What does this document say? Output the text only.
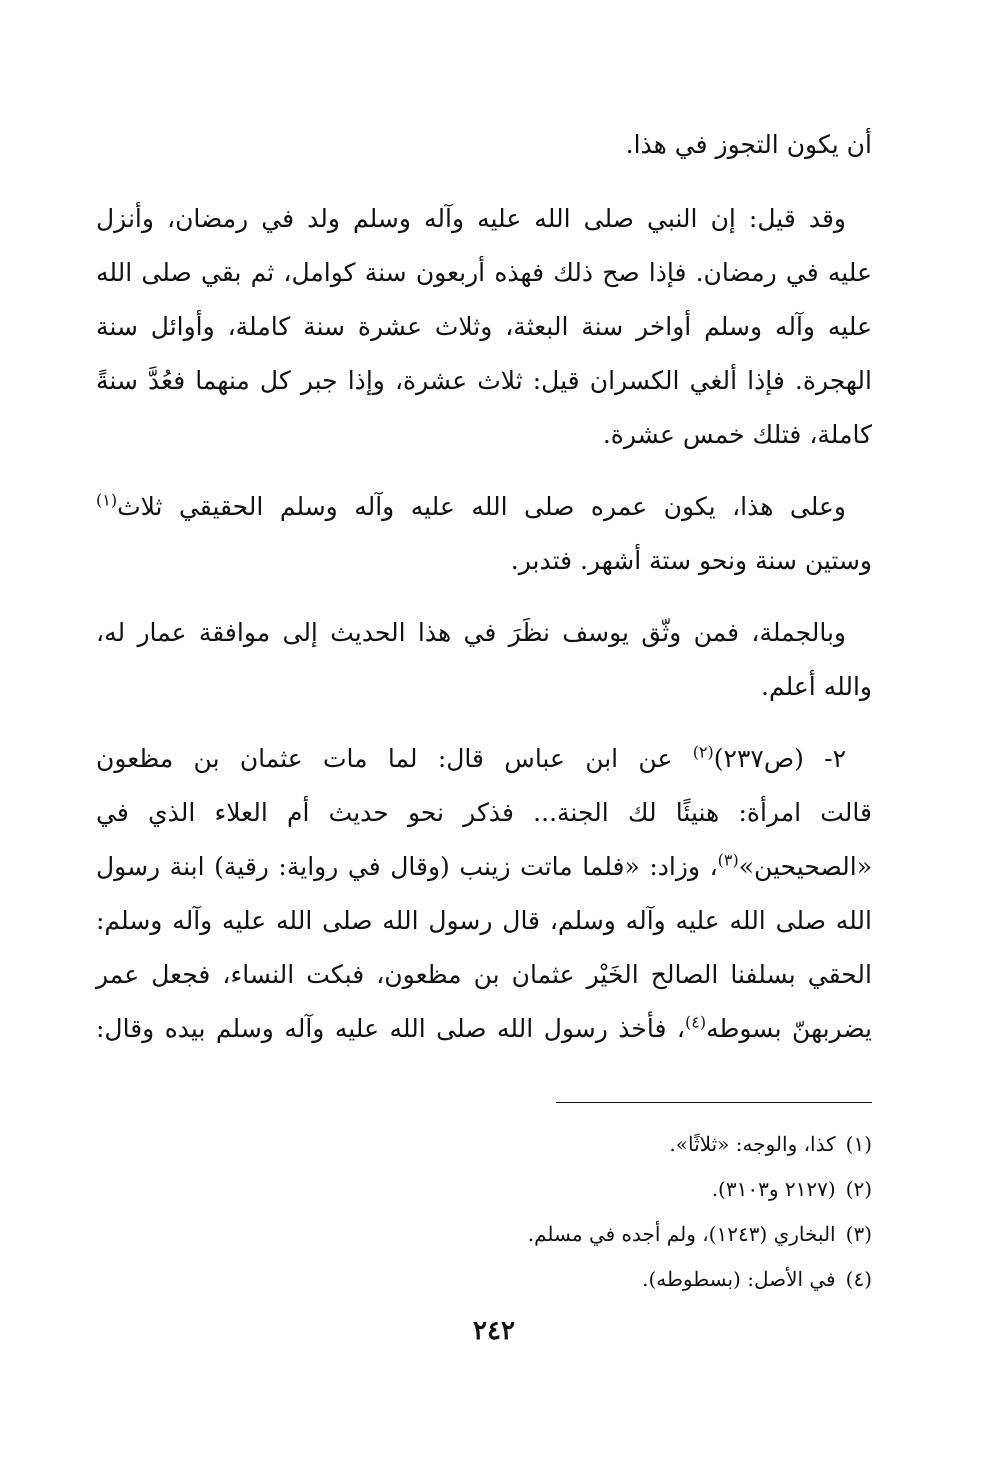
أن يكون التجوز في هذا.

وقد قيل: إن النبي صلى الله عليه وآله وسلم ولد في رمضان، وأنزل
عليه في رمضان. فإذا صح ذلك فهذه أربعون سنة كوامل، ثم بقي صلى الله
عليه وآله وسلم أواخر سنة البعثة، وثلاث عشرة سنة كاملة، وأوائل سنة
الهجرة. فإذا ألغي الكسران قيل: ثلاث عشرة، وإذا جبر كل منهما فعُدَّ سنةً
كاملة، فتلك خمس عشرة.

وعلى هذا، يكون عمره صلى الله عليه وآله وسلم الحقيقي ثلاث$^{(١)}$
وستين سنة ونحو ستة أشهر. فتدبر.

وبالجملة، فمن وثّق يوسف نظَرَ في هذا الحديث إلى موافقة عمار له،
والله أعلم.

٢- (ص٢٣٧)$^{(٢)}$ عن ابن عباس قال: لما مات عثمان بن مظعون
قالت امرأة: هنيئًا لك الجنة... فذكر نحو حديث أم العلاء الذي في
«الصحيحين»$^{(٣)}$، وزاد: «فلما ماتت زينب (وقال في رواية: رقية) ابنة رسول
الله صلى الله عليه وآله وسلم، قال رسول الله صلى الله عليه وآله وسلم:
الحقي بسلفنا الصالح الخَيْر عثمان بن مظعون، فبكت النساء، فجعل عمر
يضربهنّ بسوطه$^{(٤)}$، فأخذ رسول الله صلى الله عليه وآله وسلم بيده وقال:

(١)كذا، والوجه: «ثلاثًا».
(٢)(٢١٢٧ و٣١٠٣).
(٣)البخاري (١٢٤٣)، ولم أجده في مسلم.
(٤)في الأصل: (بسطوطه).
٢٤٢
